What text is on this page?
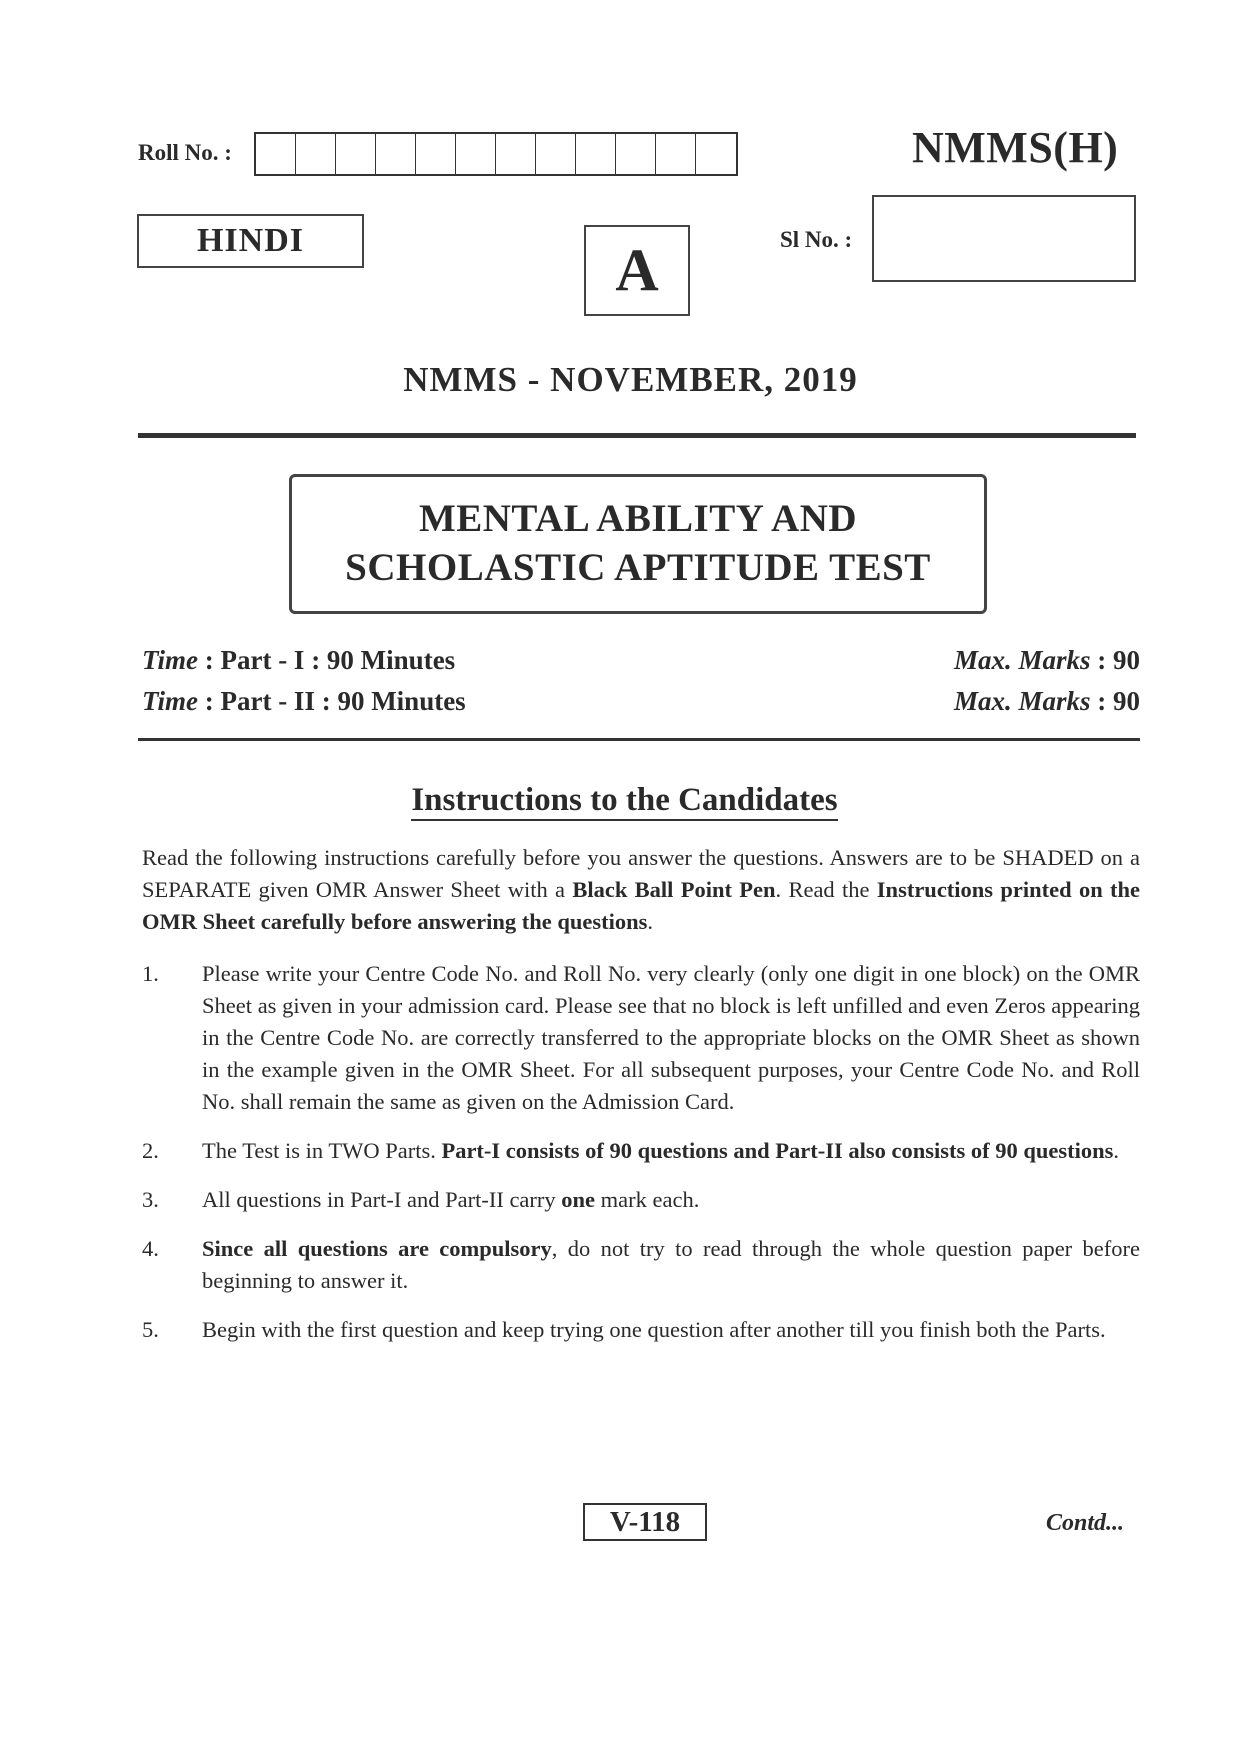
Roll No. :	NMMS(H)
HINDI	A	Sl No. :
NMMS - NOVEMBER, 2019
MENTAL ABILITY AND
SCHOLASTIC APTITUDE TEST
Time : Part - I : 90 Minutes	Max. Marks : 90
Time : Part - II : 90 Minutes	Max. Marks : 90
Instructions to the Candidates
Read the following instructions carefully before you answer the questions. Answers are to be SHADED on a SEPARATE given OMR Answer Sheet with a Black Ball Point Pen. Read the Instructions printed on the OMR Sheet carefully before answering the questions.
1.	Please write your Centre Code No. and Roll No. very clearly (only one digit in one block) on the OMR Sheet as given in your admission card. Please see that no block is left unfilled and even Zeros appearing in the Centre Code No. are correctly transferred to the appropriate blocks on the OMR Sheet as shown in the example given in the OMR Sheet. For all subsequent purposes, your Centre Code No. and Roll No. shall remain the same as given on the Admission Card.
2.	The Test is in TWO Parts. Part-I consists of 90 questions and Part-II also consists of 90 questions.
3.	All questions in Part-I and Part-II carry one mark each.
4.	Since all questions are compulsory, do not try to read through the whole question paper before beginning to answer it.
5.	Begin with the first question and keep trying one question after another till you finish both the Parts.
V-118	Contd...
